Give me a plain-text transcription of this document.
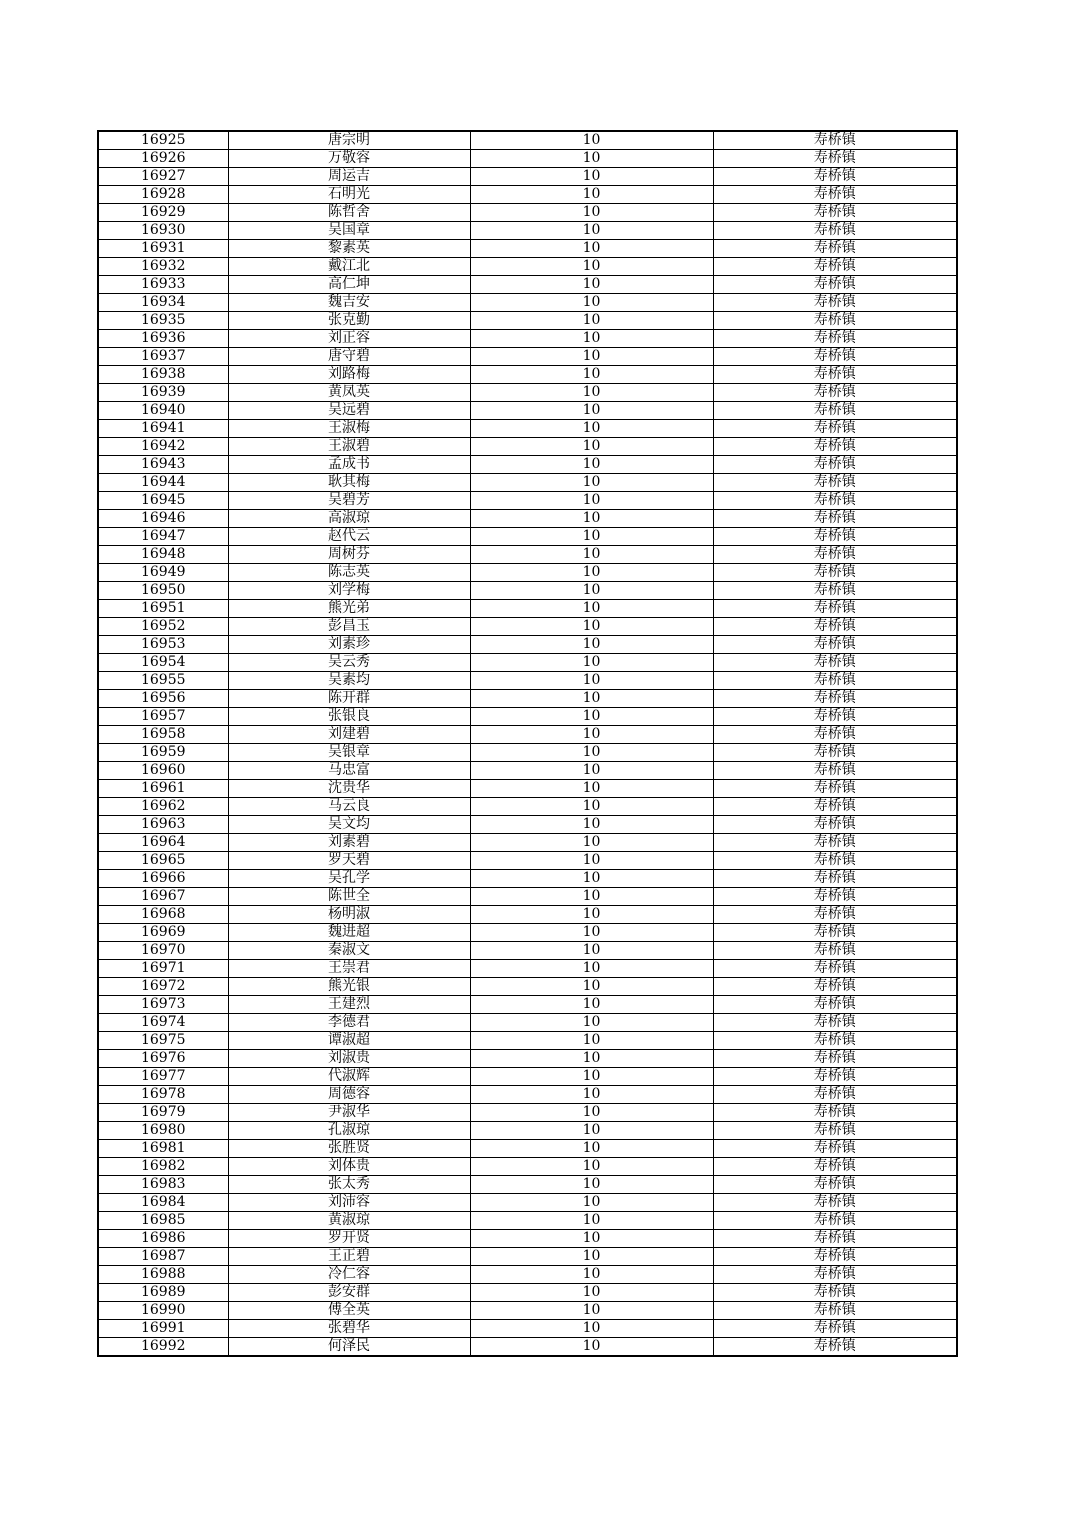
16925	唐宗明	10	寿桥镇
16926	万敬容	10	寿桥镇
16927	周运吉	10	寿桥镇
16928	石明光	10	寿桥镇
16929	陈哲舍	10	寿桥镇
16930	吴国章	10	寿桥镇
16931	黎素英	10	寿桥镇
16932	戴江北	10	寿桥镇
16933	高仁坤	10	寿桥镇
16934	魏吉安	10	寿桥镇
16935	张克勤	10	寿桥镇
16936	刘正容	10	寿桥镇
16937	唐守碧	10	寿桥镇
16938	刘路梅	10	寿桥镇
16939	黄凤英	10	寿桥镇
16940	吴远碧	10	寿桥镇
16941	王淑梅	10	寿桥镇
16942	王淑碧	10	寿桥镇
16943	孟成书	10	寿桥镇
16944	耿其梅	10	寿桥镇
16945	吴碧芳	10	寿桥镇
16946	高淑琼	10	寿桥镇
16947	赵代云	10	寿桥镇
16948	周树芬	10	寿桥镇
16949	陈志英	10	寿桥镇
16950	刘学梅	10	寿桥镇
16951	熊光弟	10	寿桥镇
16952	彭昌玉	10	寿桥镇
16953	刘素珍	10	寿桥镇
16954	吴云秀	10	寿桥镇
16955	吴素均	10	寿桥镇
16956	陈开群	10	寿桥镇
16957	张银良	10	寿桥镇
16958	刘建碧	10	寿桥镇
16959	吴银章	10	寿桥镇
16960	马忠富	10	寿桥镇
16961	沈贵华	10	寿桥镇
16962	马云良	10	寿桥镇
16963	吴文均	10	寿桥镇
16964	刘素碧	10	寿桥镇
16965	罗天碧	10	寿桥镇
16966	吴孔学	10	寿桥镇
16967	陈世全	10	寿桥镇
16968	杨明淑	10	寿桥镇
16969	魏进超	10	寿桥镇
16970	秦淑文	10	寿桥镇
16971	王崇君	10	寿桥镇
16972	熊光银	10	寿桥镇
16973	王建烈	10	寿桥镇
16974	李德君	10	寿桥镇
16975	谭淑超	10	寿桥镇
16976	刘淑贵	10	寿桥镇
16977	代淑辉	10	寿桥镇
16978	周德容	10	寿桥镇
16979	尹淑华	10	寿桥镇
16980	孔淑琼	10	寿桥镇
16981	张胜贤	10	寿桥镇
16982	刘体贵	10	寿桥镇
16983	张太秀	10	寿桥镇
16984	刘沛容	10	寿桥镇
16985	黄淑琼	10	寿桥镇
16986	罗开贤	10	寿桥镇
16987	王正碧	10	寿桥镇
16988	冷仁容	10	寿桥镇
16989	彭安群	10	寿桥镇
16990	傅全英	10	寿桥镇
16991	张碧华	10	寿桥镇
16992	何泽民	10	寿桥镇
